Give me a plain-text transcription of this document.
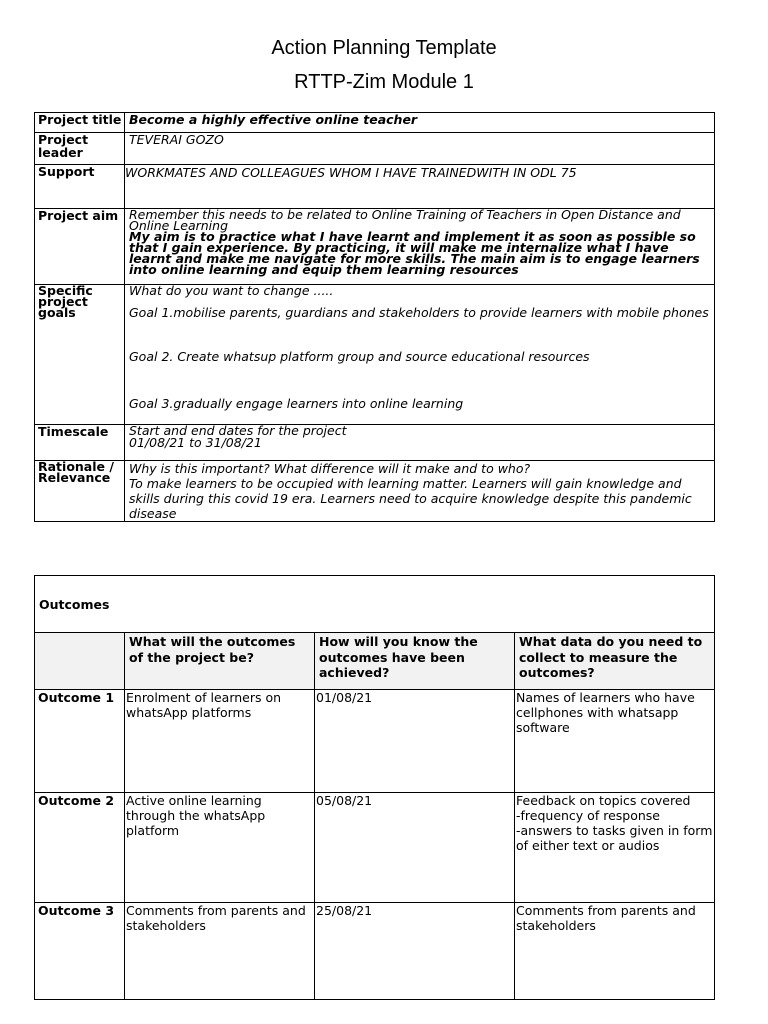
Action Planning Template
RTTP-Zim Module 1
Project title	Become a highly effective online teacher
Project leader	TEVERAI GOZO
Support	WORKMATES AND COLLEAGUES WHOM I HAVE TRAINEDWITH IN ODL 75
Project aim	Remember this needs to be related to Online Training of Teachers in Open Distance and Online Learning
My aim is to practice what I have learnt and implement it as soon as possible so that I gain experience. By practicing, it will make me internalize what I have learnt and make me navigate for more skills. The main aim is to engage learners into online learning and equip them learning resources

Specific project goals	What do you want to change .....
Goal 1.mobilise parents, guardians and stakeholders to provide learners with mobile phones
Goal 2. Create whatsup platform group and source educational resources
Goal 3.gradually engage learners into online learning

Timescale	Start and end dates for the project
01/08/21 to 31/08/21

Rationale / Relevance	Why is this important? What difference will it make and to who?
To make learners to be occupied with learning matter. Learners will gain knowledge and skills during this covid 19 era. Learners need to acquire knowledge despite this pandemic disease
Outcomes			
	What will the outcomes of the project be?	How will you know the outcomes have been achieved?	What data do you need to collect to measure the outcomes?
Outcome 1	Enrolment of learners on whatsApp platforms	01/08/21	Names of learners who have cellphones with whatsapp software
Outcome 2	Active online learning through the whatsApp platform	05/08/21	Feedback on topics covered
-frequency of response
-answers to tasks given in form of either text or audios

Outcome 3	Comments from parents and stakeholders	25/08/21	Comments from parents and stakeholders
